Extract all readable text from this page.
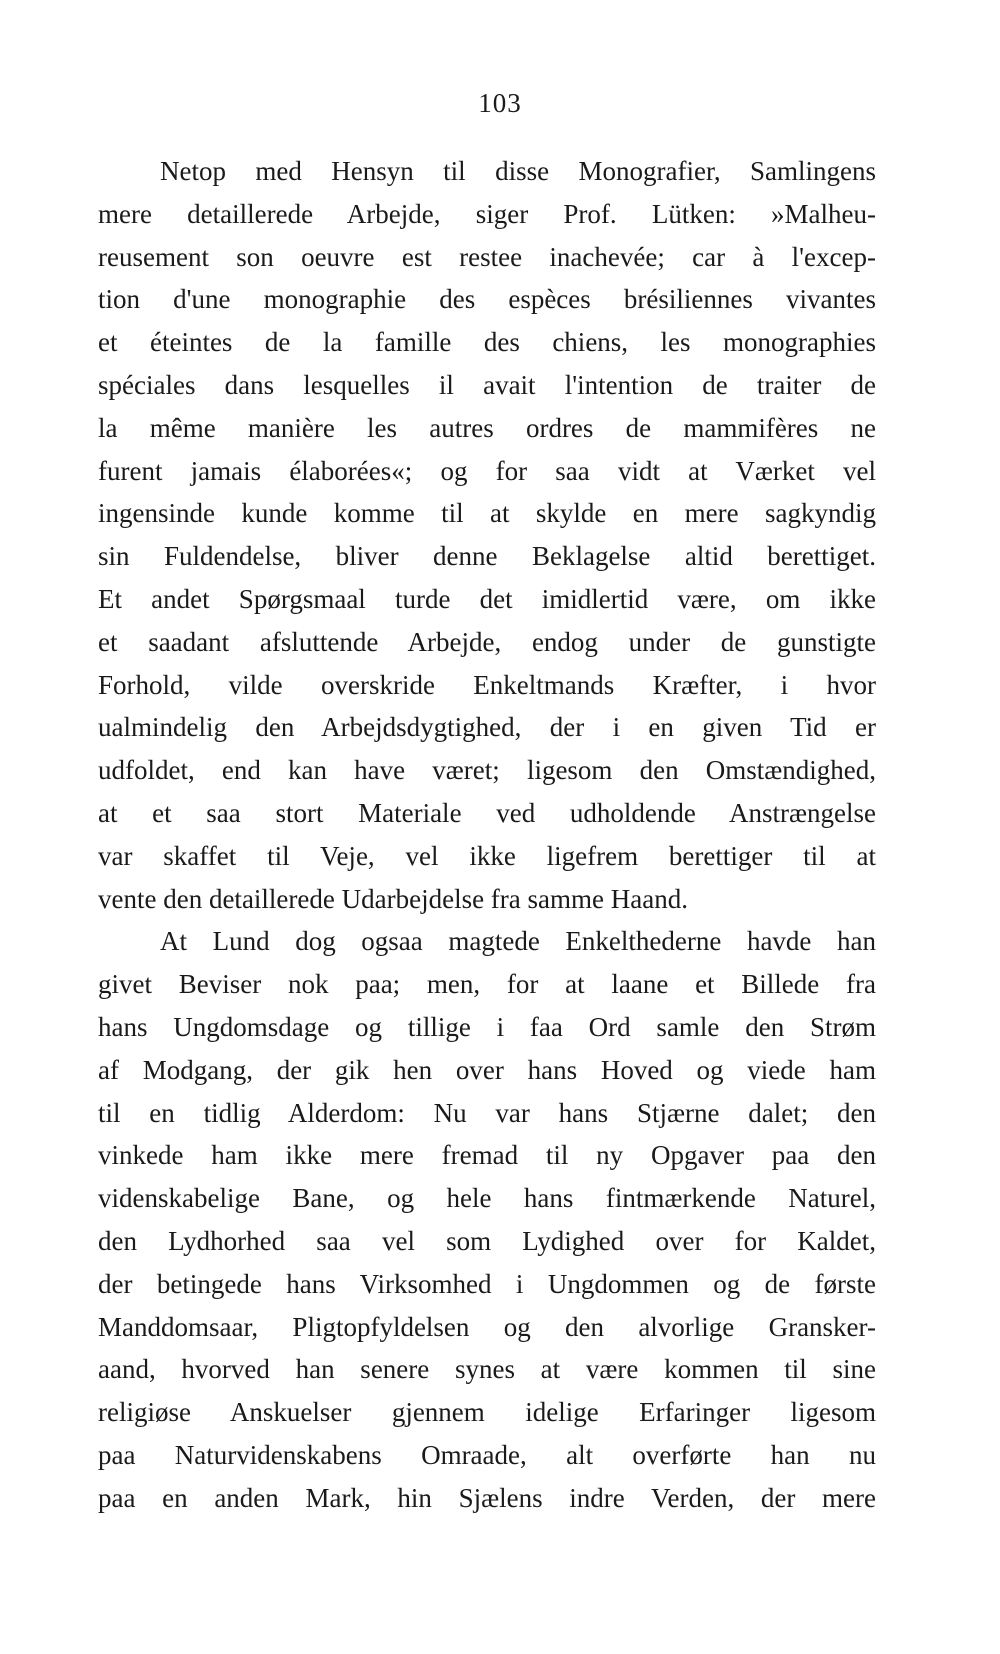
103
Netop med Hensyn til disse Monografier, Samlingens
mere detaillerede Arbejde, siger Prof. Lütken: »Malheu-
reusement son oeuvre est restee inachevée; car à l'excep-
tion d'une monographie des espèces brésiliennes vivantes
et éteintes de la famille des chiens, les monographies
spéciales dans lesquelles il avait l'intention de traiter de
la même manière les autres ordres de mammifères ne
furent jamais élaborées«; og for saa vidt at Værket vel
ingensinde kunde komme til at skylde en mere sagkyndig
sin Fuldendelse, bliver denne Beklagelse altid berettiget.
Et andet Spørgsmaal turde det imidlertid være, om ikke
et saadant afsluttende Arbejde, endog under de gunstigte
Forhold, vilde overskride Enkeltmands Kræfter, i hvor
ualmindelig den Arbejdsdygtighed, der i en given Tid er
udfoldet, end kan have været; ligesom den Omstændighed,
at et saa stort Materiale ved udholdende Anstrængelse
var skaffet til Veje, vel ikke ligefrem berettiger til at
vente den detaillerede Udarbejdelse fra samme Haand.
At Lund dog ogsaa magtede Enkelthederne havde han
givet Beviser nok paa; men, for at laane et Billede fra
hans Ungdomsdage og tillige i faa Ord samle den Strøm
af Modgang, der gik hen over hans Hoved og viede ham
til en tidlig Alderdom: Nu var hans Stjærne dalet; den
vinkede ham ikke mere fremad til ny Opgaver paa den
videnskabelige Bane, og hele hans fintmærkende Naturel,
den Lydhorhed saa vel som Lydighed over for Kaldet,
der betingede hans Virksomhed i Ungdommen og de første
Manddomsaar, Pligtopfyldelsen og den alvorlige Gransker-
aand, hvorved han senere synes at være kommen til sine
religiøse Anskuelser gjennem idelige Erfaringer ligesom
paa Naturvidenskabens Omraade, alt overførte han nu
paa en anden Mark, hin Sjælens indre Verden, der mere
